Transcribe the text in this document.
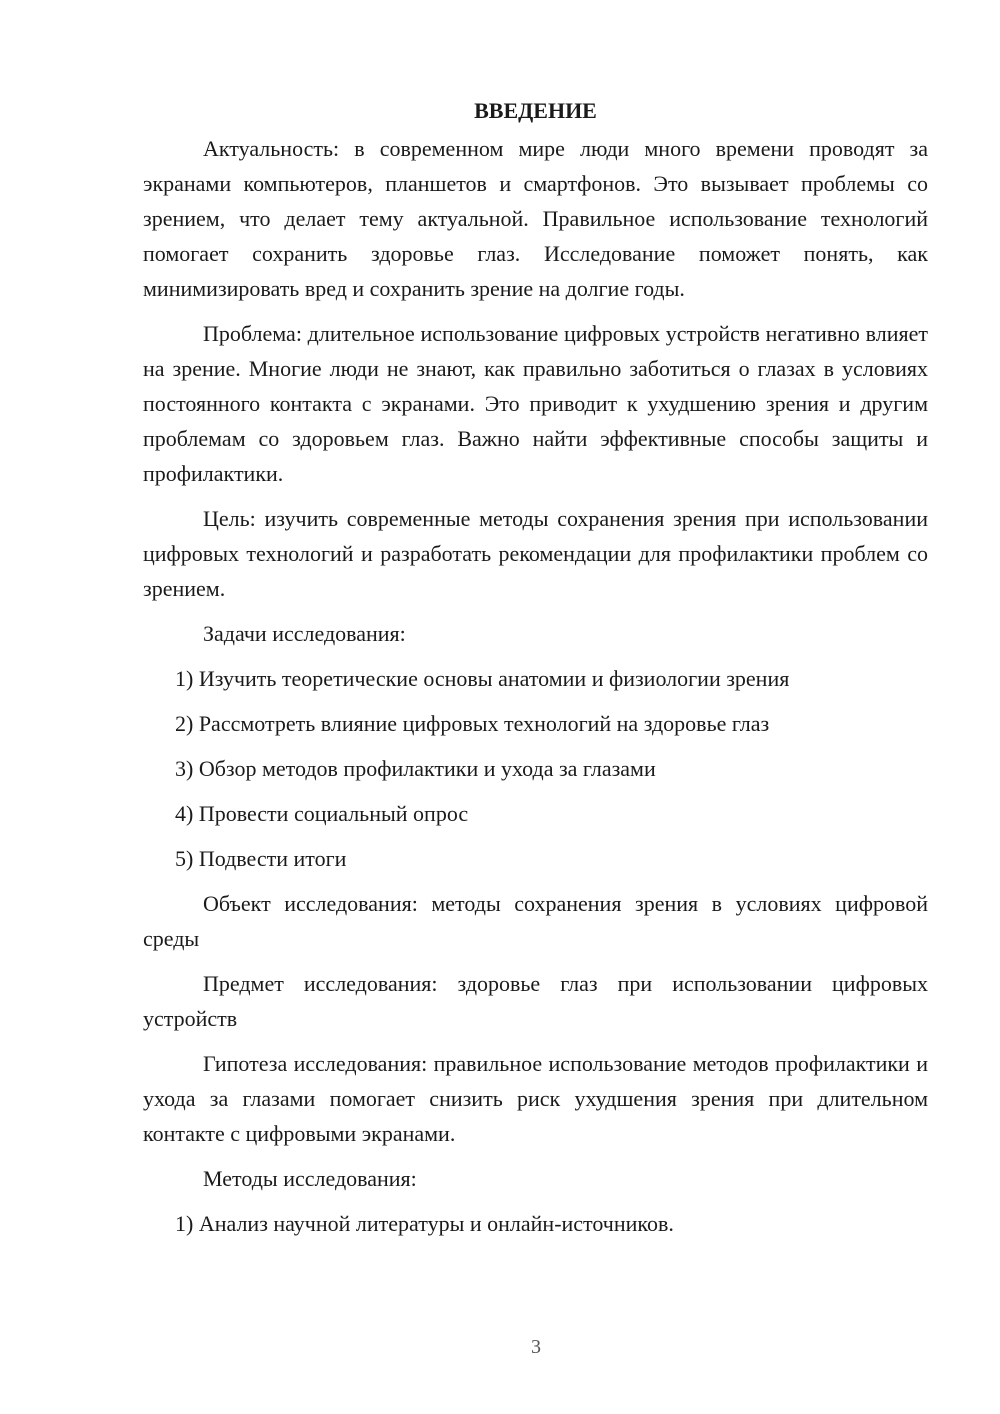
ВВЕДЕНИЕ

Актуальность: в современном мире люди много времени проводят за экранами компьютеров, планшетов и смартфонов. Это вызывает проблемы со зрением, что делает тему актуальной. Правильное использование технологий помогает сохранить здоровье глаз. Исследование поможет понять, как минимизировать вред и сохранить зрение на долгие годы.

Проблема: длительное использование цифровых устройств негативно влияет на зрение. Многие люди не знают, как правильно заботиться о глазах в условиях постоянного контакта с экранами. Это приводит к ухудшению зрения и другим проблемам со здоровьем глаз. Важно найти эффективные способы защиты и профилактики.

Цель: изучить современные методы сохранения зрения при использовании цифровых технологий и разработать рекомендации для профилактики проблем со зрением.

Задачи исследования:

1) Изучить теоретические основы анатомии и физиологии зрения
2) Рассмотреть влияние цифровых технологий на здоровье глаз
3) Обзор методов профилактики и ухода за глазами
4) Провести социальный опрос
5) Подвести итоги

Объект исследования: методы сохранения зрения в условиях цифровой среды

Предмет исследования: здоровье глаз при использовании цифровых устройств

Гипотеза исследования: правильное использование методов профилактики и ухода за глазами помогает снизить риск ухудшения зрения при длительном контакте с цифровыми экранами.

Методы исследования:

1) Анализ научной литературы и онлайн-источников.
3
